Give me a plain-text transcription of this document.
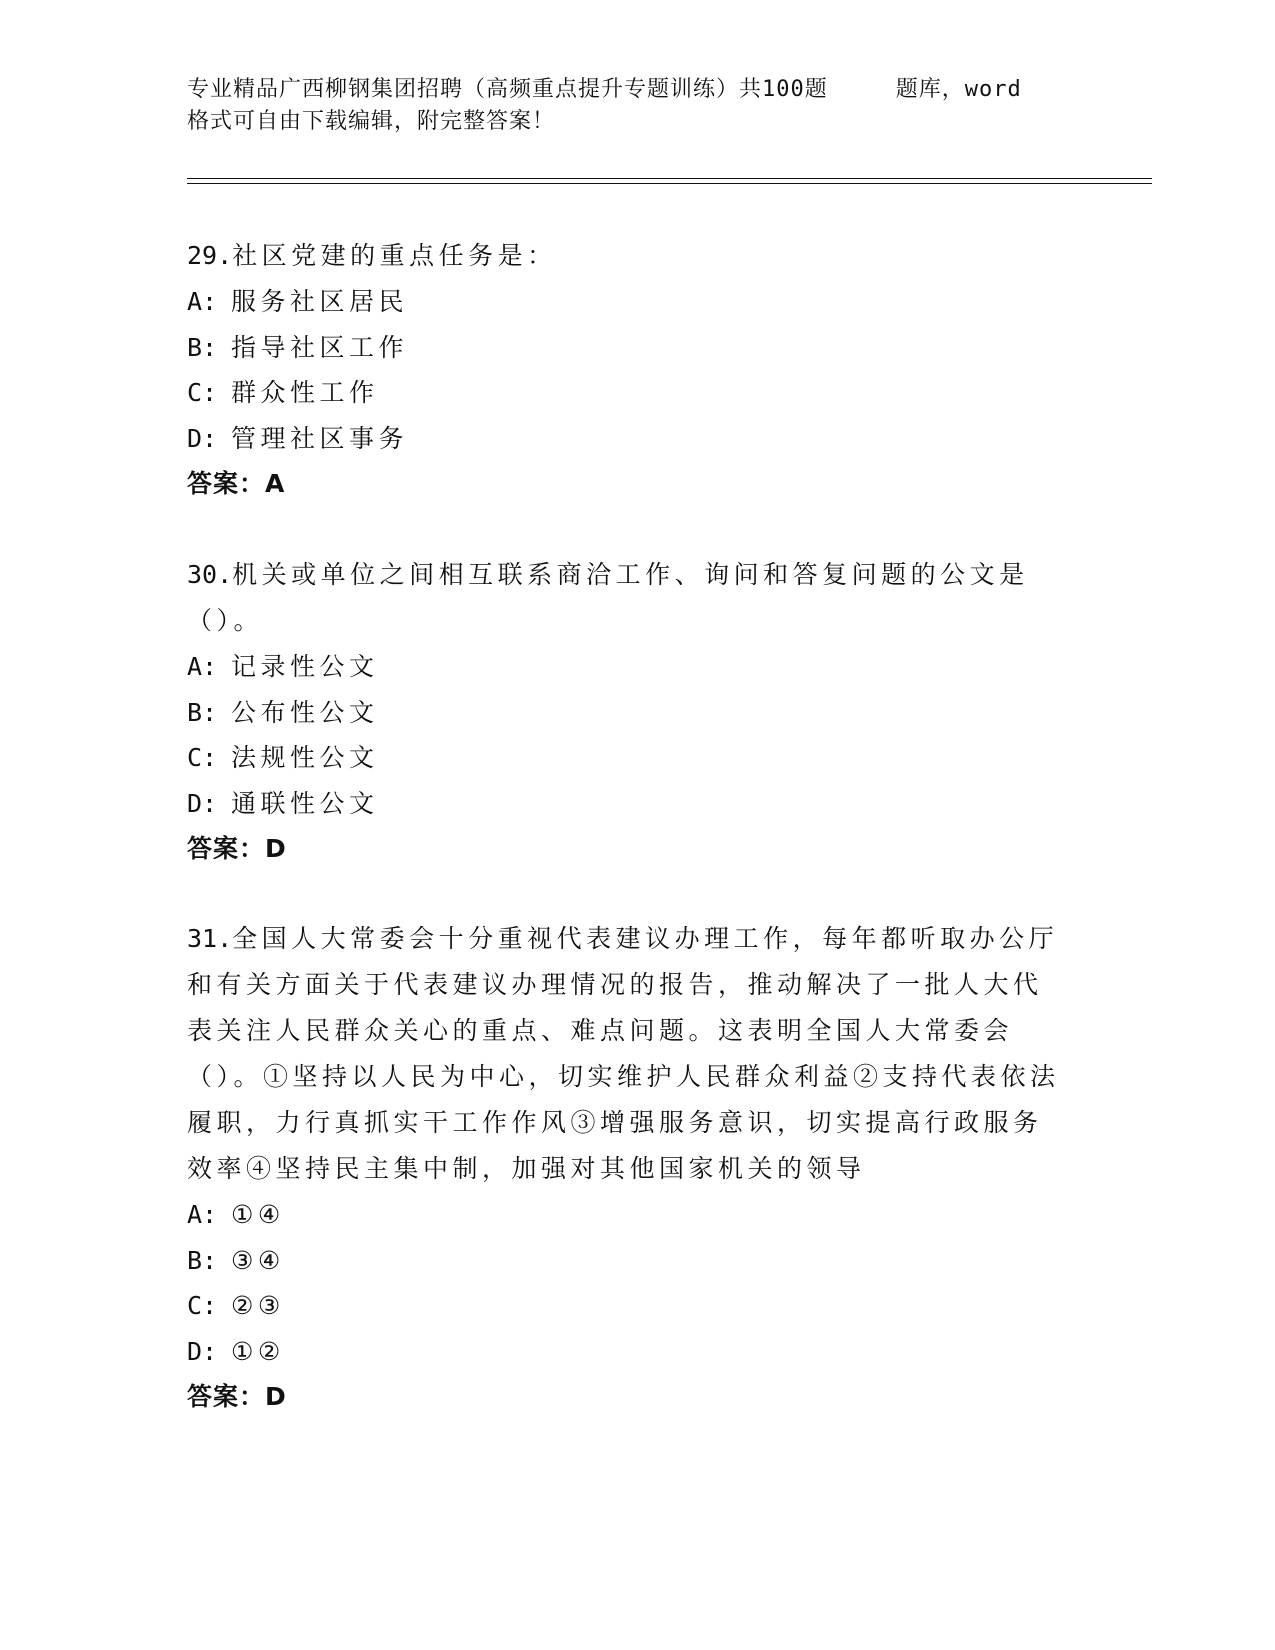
专业精品广西柳钢集团招聘（高频重点提升专题训练）共100题	题库，word
格式可自由下载编辑，附完整答案！

29.社区党建的重点任务是：

A: 服务社区居民

B: 指导社区工作

C: 群众性工作

D: 管理社区事务

答案：A

30.机关或单位之间相互联系商洽工作、询问和答复问题的公文是（）。

A: 记录性公文

B: 公布性公文

C: 法规性公文

D: 通联性公文

答案：D

31.全国人大常委会十分重视代表建议办理工作，每年都听取办公厅和有关方面关于代表建议办理情况的报告，推动解决了一批人大代表关注人民群众关心的重点、难点问题。这表明全国人大常委会（）。①坚持以人民为中心，切实维护人民群众利益②支持代表依法履职，力行真抓实干工作作风③增强服务意识，切实提高行政服务效率④坚持民主集中制，加强对其他国家机关的领导

A: ①④

B: ③④

C: ②③

D: ①②

答案：D
